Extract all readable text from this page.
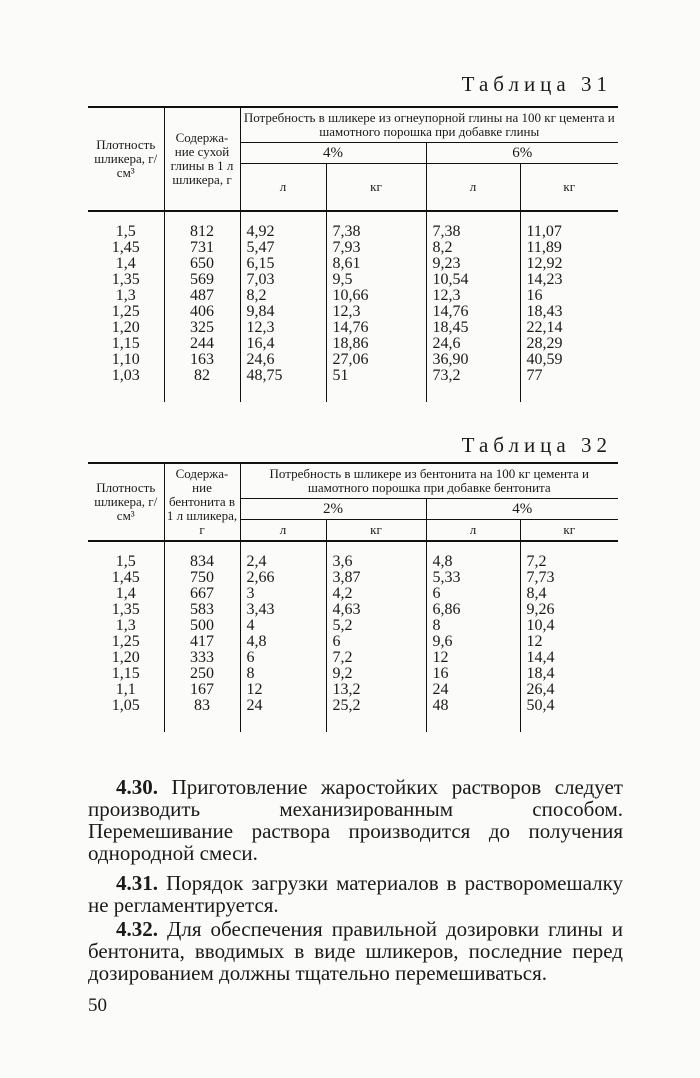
Таблица 31
Плотность шликера, г/см³	Содержа- ние сухой глины в 1 л шликера, г	Потребность в шликере из огнеупорной глины на 100 кг цемента и шамотного порошка при добавке глины			
		4%		6%	
		л	кг	л	кг
1,5	812	4,92	7,38	7,38	11,07
1,45	731	5,47	7,93	8,2	11,89
1,4	650	6,15	8,61	9,23	12,92
1,35	569	7,03	9,5	10,54	14,23
1,3	487	8,2	10,66	12,3	16
1,25	406	9,84	12,3	14,76	18,43
1,20	325	12,3	14,76	18,45	22,14
1,15	244	16,4	18,86	24,6	28,29
1,10	163	24,6	27,06	36,90	40,59
1,03	82	48,75	51	73,2	77
Таблица 32
Плотность шликера, г/см³	Содержа- ние бентонита в 1 л шликера, г	Потребность в шликере из бентонита на 100 кг цемента и шамотного порошка при добавке бентонита			
		2%		4%	
		л	кг	л	кг
1,5	834	2,4	3,6	4,8	7,2
1,45	750	2,66	3,87	5,33	7,73
1,4	667	3	4,2	6	8,4
1,35	583	3,43	4,63	6,86	9,26
1,3	500	4	5,2	8	10,4
1,25	417	4,8	6	9,6	12
1,20	333	6	7,2	12	14,4
1,15	250	8	9,2	16	18,4
1,1	167	12	13,2	24	26,4
1,05	83	24	25,2	48	50,4
4.30. Приготовление жаростойких растворов следует производить механизированным способом. Перемешивание раствора производится до получения однородной смеси.
4.31. Порядок загрузки материалов в растворомешалку не регламентируется.
4.32. Для обеспечения правильной дозировки глины и бентонита, вводимых в виде шликеров, последние перед дозированием должны тщательно перемешиваться.
50
